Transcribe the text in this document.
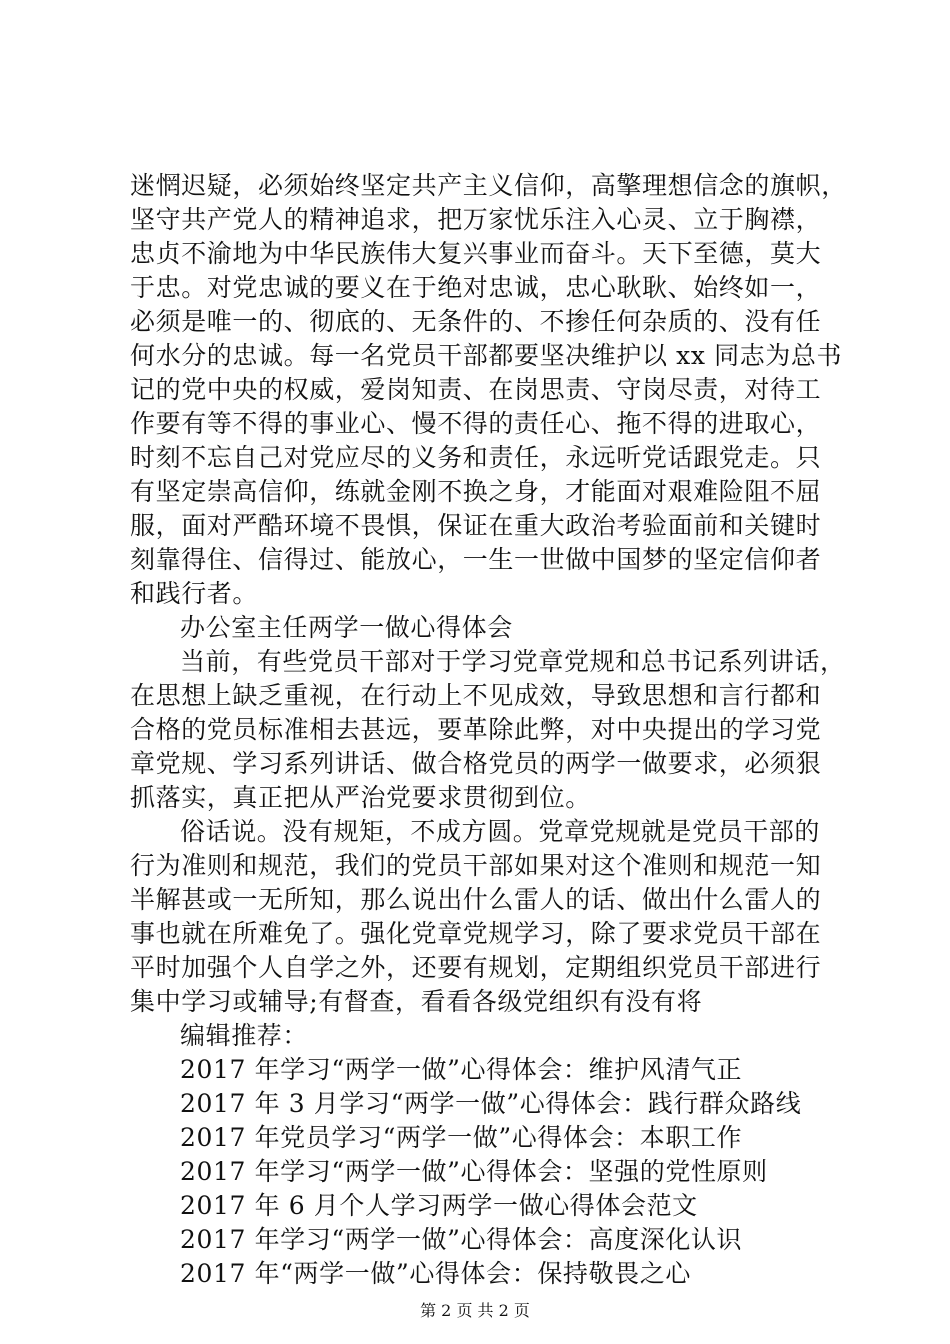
迷惘迟疑，必须始终坚定共产主义信仰，高擎理想信念的旗帜，
坚守共产党人的精神追求，把万家忧乐注入心灵、立于胸襟，
忠贞不渝地为中华民族伟大复兴事业而奋斗。天下至德，莫大
于忠。对党忠诚的要义在于绝对忠诚，忠心耿耿、始终如一，
必须是唯一的、彻底的、无条件的、不掺任何杂质的、没有任
何水分的忠诚。每一名党员干部都要坚决维护以 xx 同志为总书
记的党中央的权威，爱岗知责、在岗思责、守岗尽责，对待工
作要有等不得的事业心、慢不得的责任心、拖不得的进取心，
时刻不忘自己对党应尽的义务和责任，永远听党话跟党走。只
有坚定崇高信仰，练就金刚不换之身，才能面对艰难险阻不屈
服，面对严酷环境不畏惧，保证在重大政治考验面前和关键时
刻靠得住、信得过、能放心，一生一世做中国梦的坚定信仰者
和践行者。
办公室主任两学一做心得体会
当前，有些党员干部对于学习党章党规和总书记系列讲话，
在思想上缺乏重视，在行动上不见成效，导致思想和言行都和
合格的党员标准相去甚远，要革除此弊，对中央提出的学习党
章党规、学习系列讲话、做合格党员的两学一做要求，必须狠
抓落实，真正把从严治党要求贯彻到位。
俗话说。没有规矩，不成方圆。党章党规就是党员干部的
行为准则和规范，我们的党员干部如果对这个准则和规范一知
半解甚或一无所知，那么说出什么雷人的话、做出什么雷人的
事也就在所难免了。强化党章党规学习，除了要求党员干部在
平时加强个人自学之外，还要有规划，定期组织党员干部进行
集中学习或辅导;有督查，看看各级党组织有没有将
编辑推荐：
2017 年学习“两学一做”心得体会：维护风清气正
2017 年 3 月学习“两学一做”心得体会：践行群众路线
2017 年党员学习“两学一做”心得体会：本职工作
2017 年学习“两学一做”心得体会：坚强的党性原则
2017 年 6 月个人学习两学一做心得体会范文
2017 年学习“两学一做”心得体会：高度深化认识
2017 年“两学一做”心得体会：保持敬畏之心
第 2 页 共 2 页
